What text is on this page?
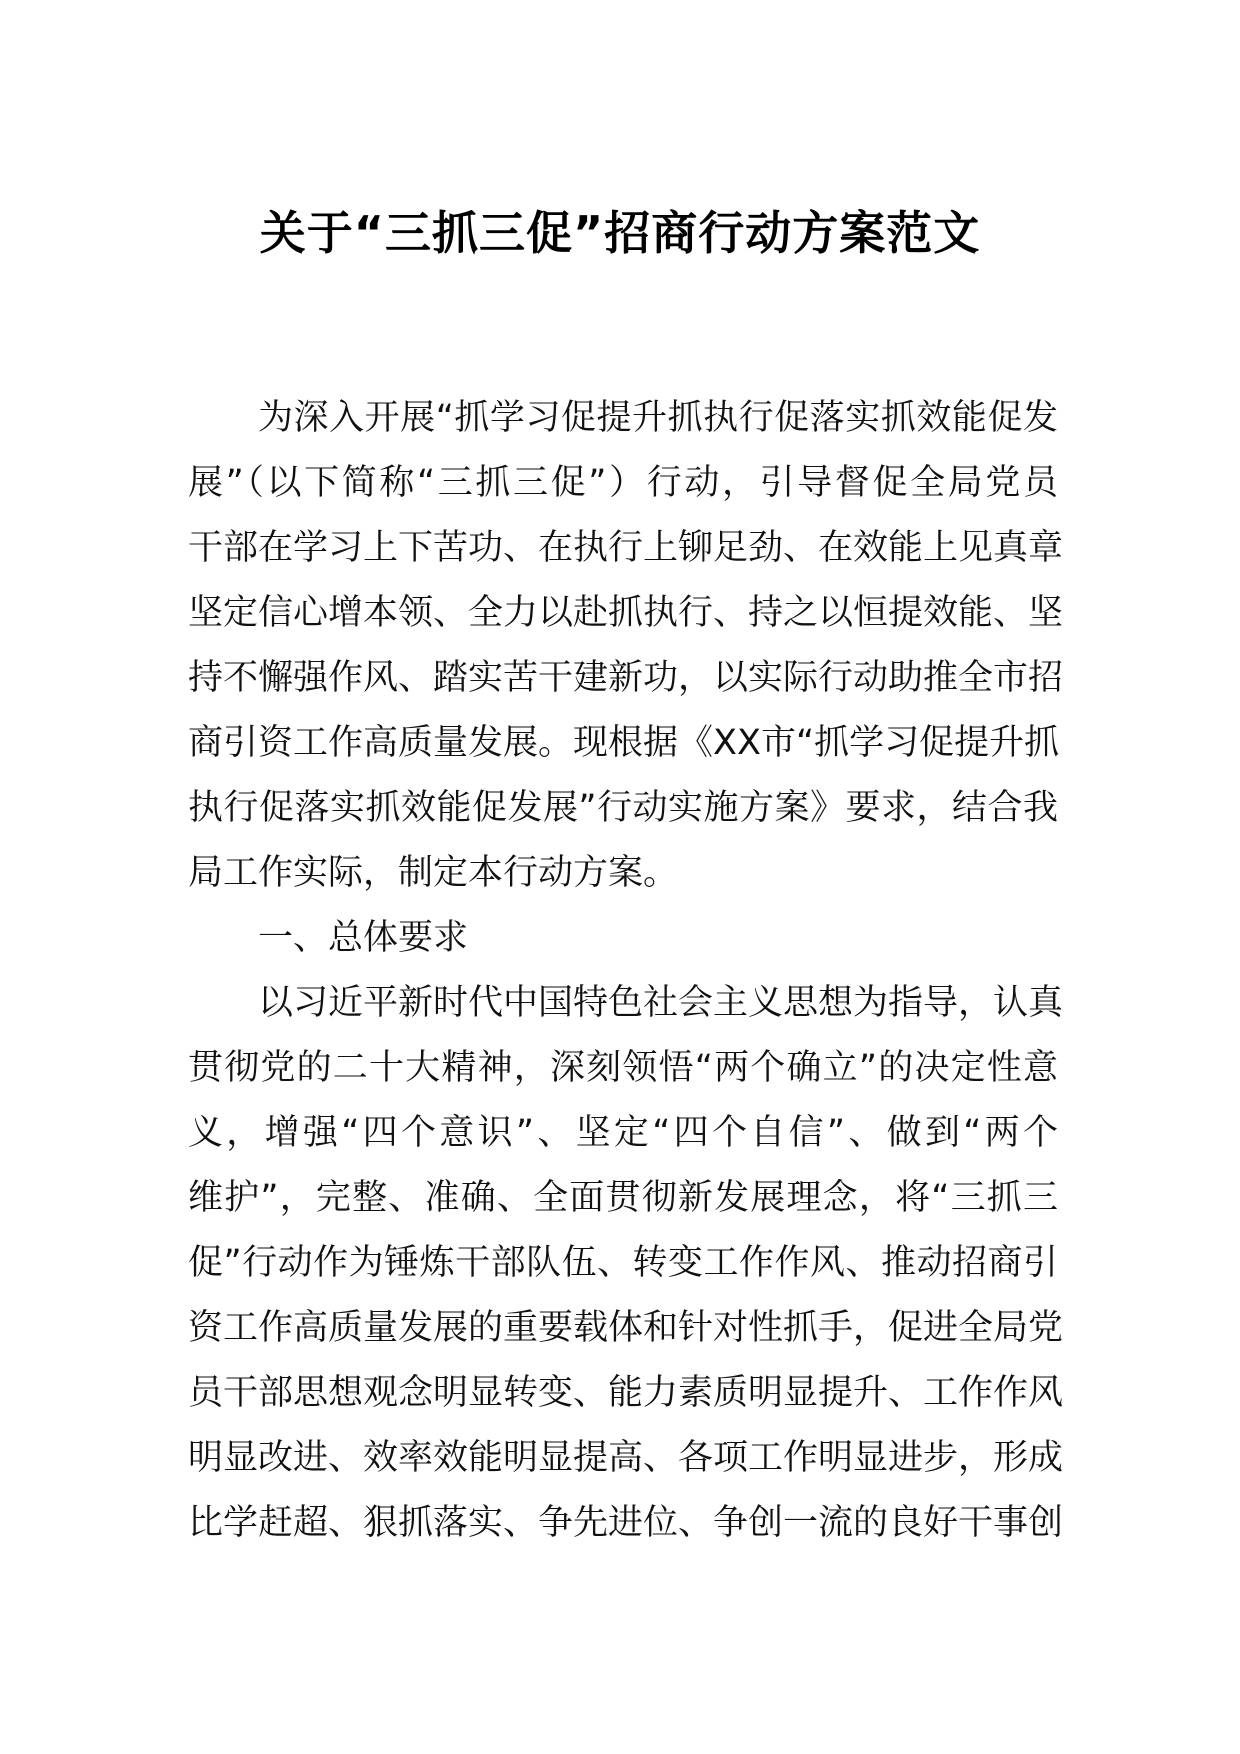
关于“三抓三促”招商行动方案范文
为深入开展“抓学习促提升抓执行促落实抓效能促发
展”（以下简称“三抓三促”）行动，引导督促全局党员
干部在学习上下苦功、在执行上铆足劲、在效能上见真章
坚定信心增本领、全力以赴抓执行、持之以恒提效能、坚
持不懈强作风、踏实苦干建新功，以实际行动助推全市招
商引资工作高质量发展。现根据《XX市“抓学习促提升抓
执行促落实抓效能促发展”行动实施方案》要求，结合我
局工作实际，制定本行动方案。
一、总体要求
以习近平新时代中国特色社会主义思想为指导，认真
贯彻党的二十大精神，深刻领悟“两个确立”的决定性意
义，增强“四个意识”、坚定“四个自信”、做到“两个
维护”，完整、准确、全面贯彻新发展理念，将“三抓三
促”行动作为锤炼干部队伍、转变工作作风、推动招商引
资工作高质量发展的重要载体和针对性抓手，促进全局党
员干部思想观念明显转变、能力素质明显提升、工作作风
明显改进、效率效能明显提高、各项工作明显进步，形成
比学赶超、狠抓落实、争先进位、争创一流的良好干事创
